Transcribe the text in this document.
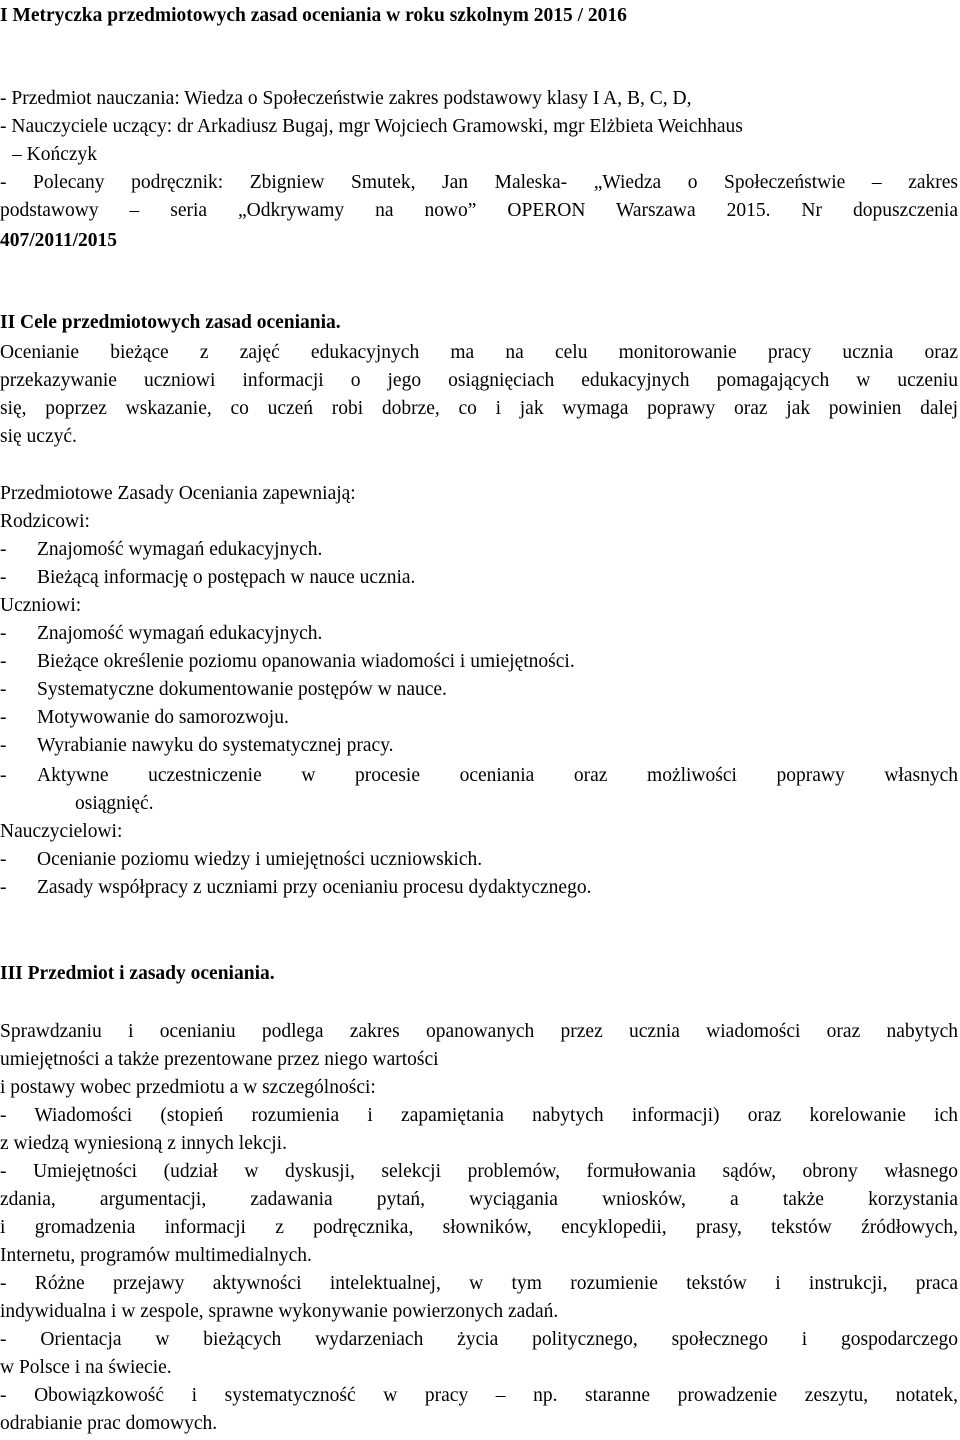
I Metryczka przedmiotowych zasad oceniania w roku szkolnym 2015 / 2016
- Przedmiot nauczania: Wiedza o Społeczeństwie zakres podstawowy klasy I A, B, C, D,
- Nauczyciele uczący: dr Arkadiusz Bugaj, mgr Wojciech Gramowski, mgr Elżbieta Weichhaus
– Kończyk
- Polecany podręcznik: Zbigniew Smutek, Jan Maleska- „Wiedza o Społeczeństwie – zakres
podstawowy – seria „Odkrywamy na nowo” OPERON Warszawa 2015. Nr dopuszczenia
407/2011/2015
II Cele przedmiotowych zasad oceniania.
Ocenianie bieżące z zajęć edukacyjnych ma na celu monitorowanie pracy ucznia oraz
przekazywanie uczniowi informacji o jego osiągnięciach edukacyjnych pomagających w uczeniu
się, poprzez wskazanie, co uczeń robi dobrze, co i jak wymaga poprawy oraz jak powinien dalej
się uczyć.
Przedmiotowe Zasady Oceniania zapewniają:
Rodzicowi:
- Znajomość wymagań edukacyjnych.
- Bieżącą informację o postępach w nauce ucznia.
Uczniowi:
- Znajomość wymagań edukacyjnych.
- Bieżące określenie poziomu opanowania wiadomości i umiejętności.
- Systematyczne dokumentowanie postępów w nauce.
- Motywowanie do samorozwoju.
- Wyrabianie nawyku do systematycznej pracy.
- Aktywne uczestniczenie w procesie oceniania oraz możliwości poprawy własnych
osiągnięć.
Nauczycielowi:
- Ocenianie poziomu wiedzy i umiejętności uczniowskich.
- Zasady współpracy z uczniami przy ocenianiu procesu dydaktycznego.
III Przedmiot i zasady oceniania.
Sprawdzaniu i ocenianiu podlega zakres opanowanych przez ucznia wiadomości oraz nabytych
umiejętności a także prezentowane przez niego wartości
i postawy wobec przedmiotu a w szczególności:
- Wiadomości (stopień rozumienia i zapamiętania nabytych informacji) oraz korelowanie ich
z wiedzą wyniesioną z innych lekcji.
- Umiejętności (udział w dyskusji, selekcji problemów, formułowania sądów, obrony własnego
zdania, argumentacji, zadawania pytań, wyciągania wniosków, a także korzystania
i gromadzenia informacji z podręcznika, słowników, encyklopedii, prasy, tekstów źródłowych,
Internetu, programów multimedialnych.
- Różne przejawy aktywności intelektualnej, w tym rozumienie tekstów i instrukcji, praca
indywidualna i w zespole, sprawne wykonywanie powierzonych zadań.
- Orientacja w bieżących wydarzeniach życia politycznego, społecznego i gospodarczego
w Polsce i na świecie.
- Obowiązkowość i systematyczność w pracy – np. staranne prowadzenie zeszytu, notatek,
odrabianie prac domowych.
